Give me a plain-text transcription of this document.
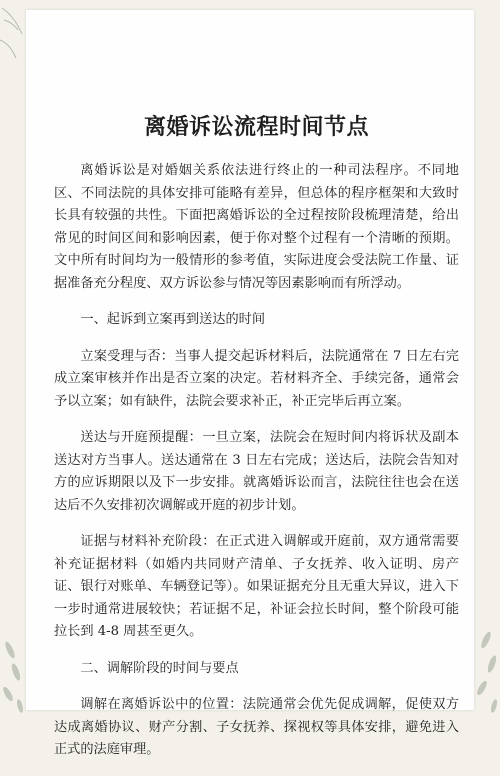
离婚诉讼流程时间节点

离婚诉讼是对婚姻关系依法进行终止的一种司法程序。不同地区、不同法院的具体安排可能略有差异，但总体的程序框架和大致时长具有较强的共性。下面把离婚诉讼的全过程按阶段梳理清楚，给出常见的时间区间和影响因素，便于你对整个过程有一个清晰的预期。文中所有时间均为一般情形的参考值，实际进度会受法院工作量、证据准备充分程度、双方诉讼参与情况等因素影响而有所浮动。

一、起诉到立案再到送达的时间

立案受理与否：当事人提交起诉材料后，法院通常在 7 日左右完成立案审核并作出是否立案的决定。若材料齐全、手续完备，通常会予以立案；如有缺件，法院会要求补正，补正完毕后再立案。

送达与开庭预提醒：一旦立案，法院会在短时间内将诉状及副本送达对方当事人。送达通常在 3 日左右完成；送达后，法院会告知对方的应诉期限以及下一步安排。就离婚诉讼而言，法院往往也会在送达后不久安排初次调解或开庭的初步计划。

证据与材料补充阶段：在正式进入调解或开庭前，双方通常需要补充证据材料（如婚内共同财产清单、子女抚养、收入证明、房产证、银行对账单、车辆登记等）。如果证据充分且无重大异议，进入下一步时通常进展较快；若证据不足，补证会拉长时间，整个阶段可能拉长到 4-8 周甚至更久。

二、调解阶段的时间与要点

调解在离婚诉讼中的位置：法院通常会优先促成调解，促使双方达成离婚协议、财产分割、子女抚养、探视权等具体安排，避免进入正式的法庭审理。
